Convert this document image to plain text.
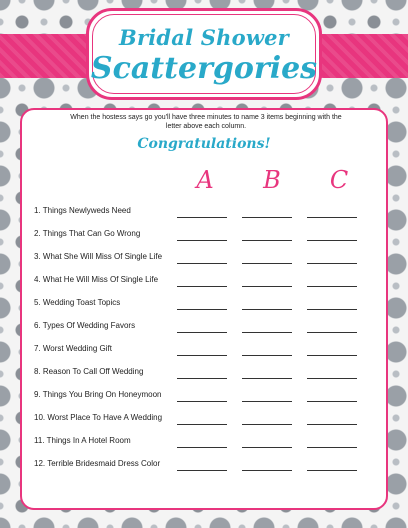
Bridal Shower
Scattergories
When the hostess says go you'll have three minutes to name 3 items beginning with the letter above each column.
Congratulations!
A	B	C
1. Things Newlyweds Need
2. Things That Can Go Wrong
3. What She Will Miss Of Single Life
4. What He Will Miss Of Single Life
5. Wedding Toast Topics
6. Types Of Wedding Favors
7. Worst Wedding Gift
8. Reason To Call Off Wedding
9. Things You Bring On Honeymoon
10. Worst Place To Have A Wedding
11. Things In A Hotel Room
12. Terrible Bridesmaid Dress Color
